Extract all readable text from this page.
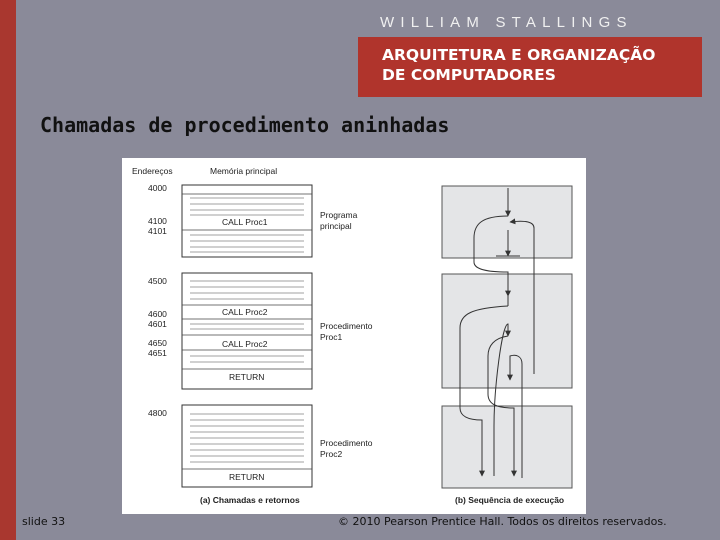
WILLIAM STALLINGS
ARQUITETURA E ORGANIZAÇÃO
DE COMPUTADORES
Chamadas de procedimento aninhadas
Endereços	Memória principal
4000
4100
4101
4500
4600
4601
4650
4651
4800
CALL Proc1
Programa
principal
CALL Proc2
CALL Proc2
RETURN
Procedimento
Proc1
RETURN
Procedimento
Proc2
(a) Chamadas e retornos	(b) Sequência de execução
slide 33	© 2010 Pearson Prentice Hall. Todos os direitos reservados.
